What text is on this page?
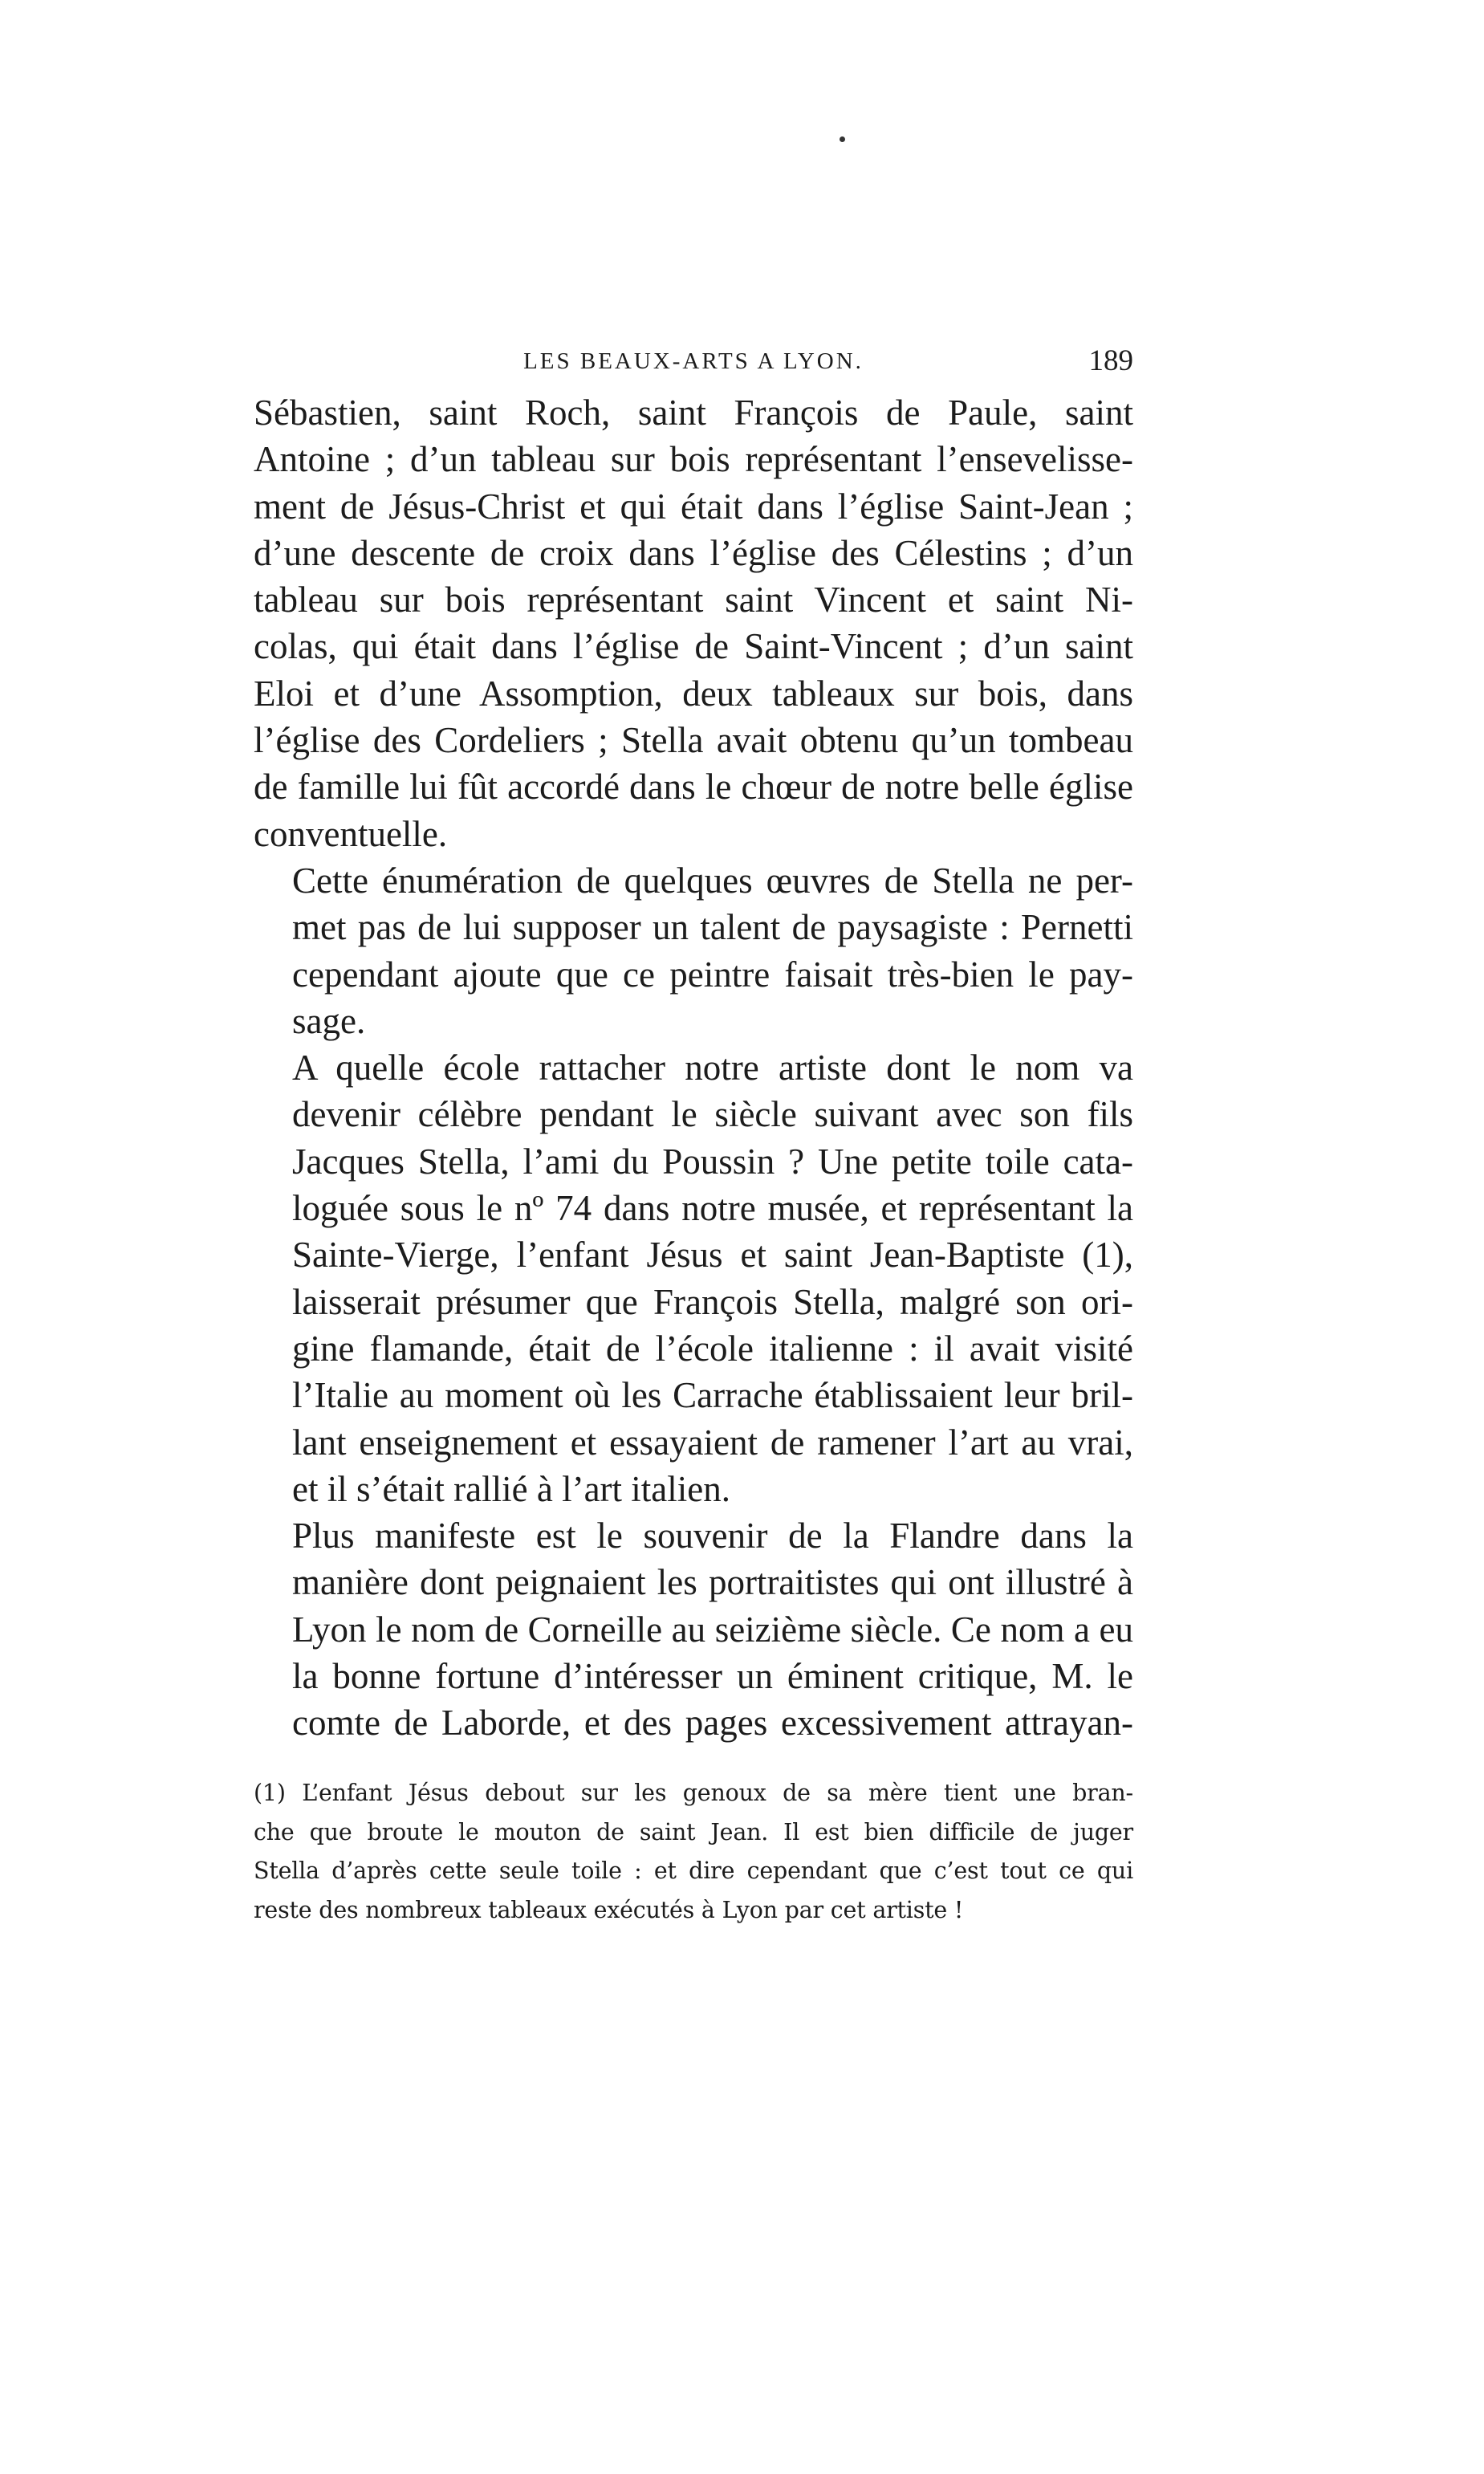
LES BEAUX-ARTS A LYON.	189

Sébastien, saint Roch, saint François de Paule, saint
Antoine ; d’un tableau sur bois représentant l’ensevelisse-
ment de Jésus-Christ et qui était dans l’église Saint-Jean ;
d’une descente de croix dans l’église des Célestins ; d’un
tableau sur bois représentant saint Vincent et saint Ni-
colas, qui était dans l’église de Saint-Vincent ; d’un saint
Eloi et d’une Assomption, deux tableaux sur bois, dans
l’église des Cordeliers ; Stella avait obtenu qu’un tombeau
de famille lui fût accordé dans le chœur de notre belle église
conventuelle.

Cette énumération de quelques œuvres de Stella ne per-
met pas de lui supposer un talent de paysagiste : Pernetti
cependant ajoute que ce peintre faisait très-bien le pay-
sage.

A quelle école rattacher notre artiste dont le nom va
devenir célèbre pendant le siècle suivant avec son fils
Jacques Stella, l’ami du Poussin ? Une petite toile cata-
loguée sous le nº 74 dans notre musée, et représentant la
Sainte-Vierge, l’enfant Jésus et saint Jean-Baptiste (1),
laisserait présumer que François Stella, malgré son ori-
gine flamande, était de l’école italienne : il avait visité
l’Italie au moment où les Carrache établissaient leur bril-
lant enseignement et essayaient de ramener l’art au vrai,
et il s’était rallié à l’art italien.

Plus manifeste est le souvenir de la Flandre dans la
manière dont peignaient les portraitistes qui ont illustré à
Lyon le nom de Corneille au seizième siècle. Ce nom a eu
la bonne fortune d’intéresser un éminent critique, M. le
comte de Laborde, et des pages excessivement attrayan-

(1) L’enfant Jésus debout sur les genoux de sa mère tient une bran-
che que broute le mouton de saint Jean. Il est bien difficile de juger
Stella d’après cette seule toile : et dire cependant que c’est tout ce qui
reste des nombreux tableaux exécutés à Lyon par cet artiste !
